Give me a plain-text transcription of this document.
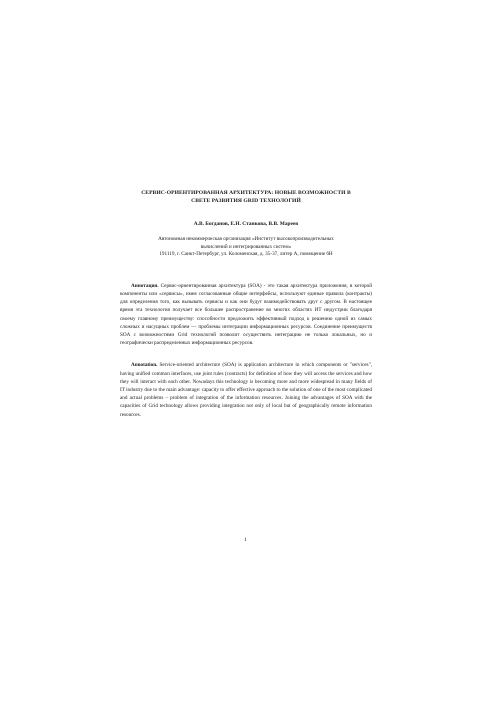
СЕРВИС-ОРИЕНТИРОВАННАЯ АРХИТЕКТУРА: НОВЫЕ ВОЗМОЖНОСТИ В
СВЕТЕ РАЗВИТИЯ GRID ТЕХНОЛОГИЙ

А.В. Богданов, Е.Н. Станкова, В.В. Мареев

Автономная некоммерческая организация «Институт высокопроизводительных
вычислений и интегрированных систем»
191119, г. Санкт-Петербург, ул. Коломенская, д. 35-37, литер А, помещение 6Н

Аннотация. Сервис-ориентированная архитектура (SOA) - это такая архитектура приложения, в которой компоненты или «сервисы», имея согласованные общие интерфейсы, используют единые правила (контракты) для определения того, как вызывать сервисы и как они будут взаимодействовать друг с другом. В настоящее время эта технология получает все большее распространение во многих областях ИТ индустрии благодаря своему главному преимуществу: способности предложить эффективный подход к решению одной из самых сложных и насущных проблем — проблемы интеграции информационных ресурсов. Соединение преимуществ SOA с возможностями Grid технологий позволит осуществить интеграцию не только локальных, но и географически распределенных информационных ресурсов.

Annotation. Service-oriented architecture (SOA) is application architecture in which components or "services", having unified common interfaces, use joint rules (contracts) for definition of how they will access the services and how they will interact with each other. Nowadays this technology is becoming more and more widespread in many fields of IT industry due to the main advantage: capacity to offer effective approach to the solution of one of the most complicated and actual problems – problem of integration of the information resources. Joining the advantages of SOA with the capacities of Grid technology allows providing integration not only of local but of geographically remote information resources.

1
